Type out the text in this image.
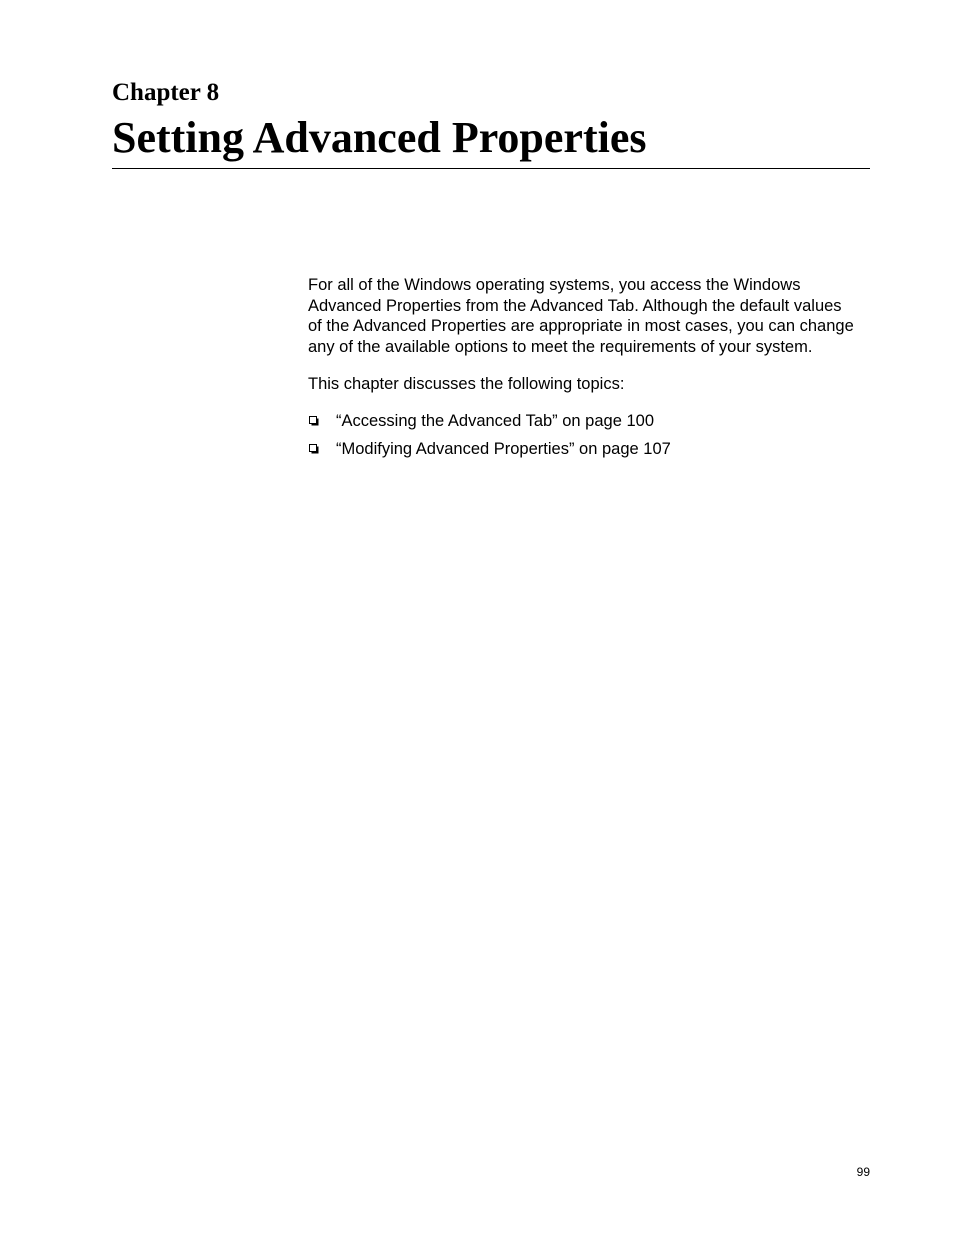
Chapter 8
Setting Advanced Properties

For all of the Windows operating systems, you access the Windows
Advanced Properties from the Advanced Tab. Although the default values
of the Advanced Properties are appropriate in most cases, you can change
any of the available options to meet the requirements of your system.

This chapter discusses the following topics:

“Accessing the Advanced Tab” on page 100
“Modifying Advanced Properties” on page 107
99
